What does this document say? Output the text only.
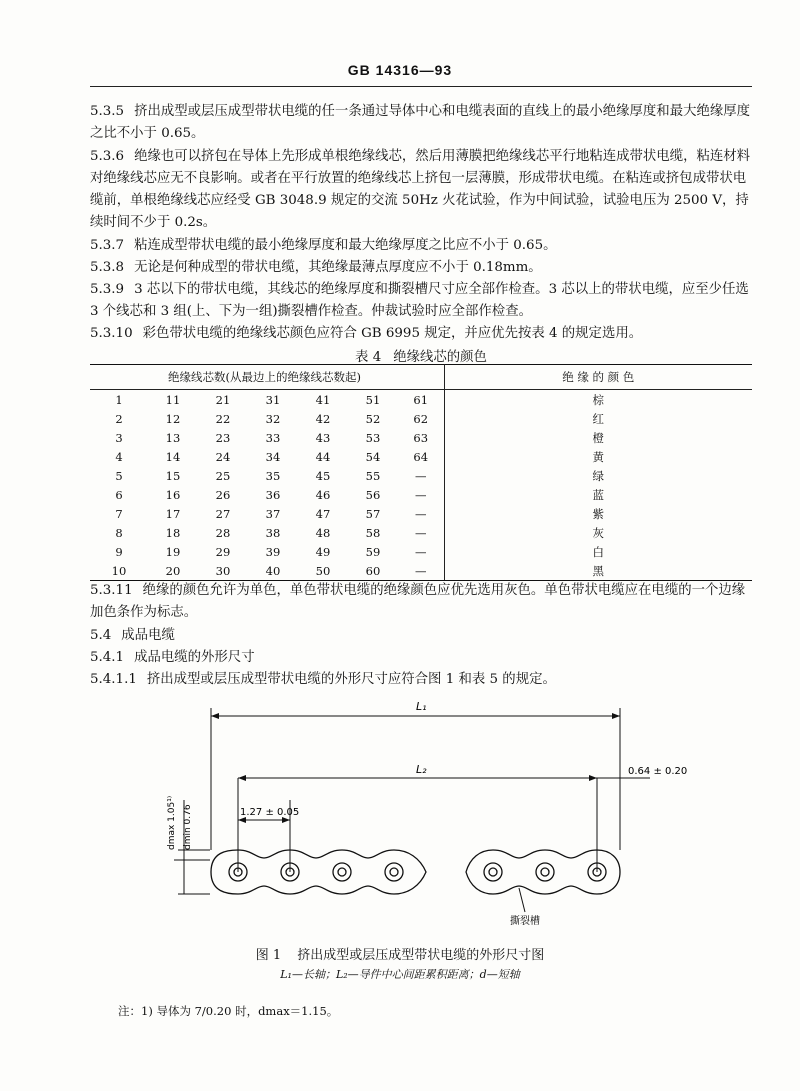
GB 14316—93

5.3.5 挤出成型或层压成型带状电缆的任一条通过导体中心和电缆表面的直线上的最小绝缘厚度和最大绝缘厚度之比不小于 0.65。

5.3.6 绝缘也可以挤包在导体上先形成单根绝缘线芯，然后用薄膜把绝缘线芯平行地粘连成带状电缆，粘连材料对绝缘线芯应无不良影响。或者在平行放置的绝缘线芯上挤包一层薄膜，形成带状电缆。在粘连或挤包成带状电缆前，单根绝缘线芯应经受 GB 3048.9 规定的交流 50Hz 火花试验，作为中间试验，试验电压为 2500 V，持续时间不少于 0.2s。

5.3.7 粘连成型带状电缆的最小绝缘厚度和最大绝缘厚度之比应不小于 0.65。

5.3.8 无论是何种成型的带状电缆，其绝缘最薄点厚度应不小于 0.18mm。

5.3.9 3 芯以下的带状电缆，其线芯的绝缘厚度和撕裂槽尺寸应全部作检查。3 芯以上的带状电缆，应至少任选 3 个线芯和 3 组(上、下为一组)撕裂槽作检查。仲裁试验时应全部作检查。

5.3.10 彩色带状电缆的绝缘线芯颜色应符合 GB 6995 规定，并应优先按表 4 的规定选用。

表 4 绝缘线芯的颜色
绝缘线芯数(从最边上的绝缘线芯数起)							绝 缘 的 颜 色
1	11	21	31	41	51	61	棕
2	12	22	32	42	52	62	红
3	13	23	33	43	53	63	橙
4	14	24	34	44	54	64	黄
5	15	25	35	45	55	—	绿
6	16	26	36	46	56	—	蓝
7	17	27	37	47	57	—	紫
8	18	28	38	48	58	—	灰
9	19	29	39	49	59	—	白
10	20	30	40	50	60	—	黑

5.3.11 绝缘的颜色允许为单色，单色带状电缆的绝缘颜色应优先选用灰色。单色带状电缆应在电缆的一个边缘加色条作为标志。

5.4 成品电缆

5.4.1 成品电缆的外形尺寸

5.4.1.1 挤出成型或层压成型带状电缆的外形尺寸应符合图 1 和表 5 的规定。

L₁
L₂	0.64 ± 0.20
1.27 ± 0.05
dmax 1.05¹⁾ dmin 0.76
撕裂槽
图 1 挤出成型或层压成型带状电缆的外形尺寸图
L₁—长轴；L₂—导件中心间距累积距离；d—短轴
注：1) 导体为 7/0.20 时，dmax＝1.15。
